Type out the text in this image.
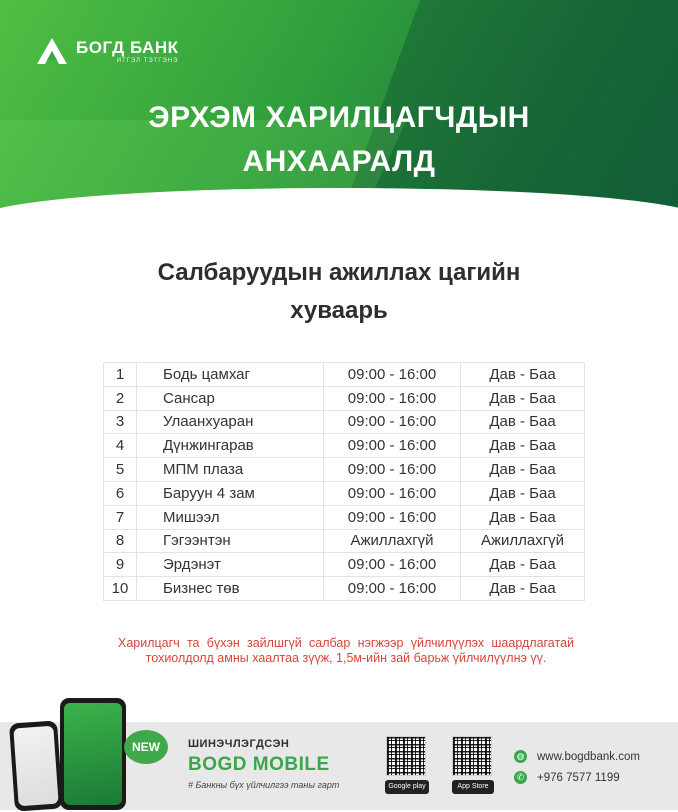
БОГД БАНК
ИТГЭЛ ТЭТГЭНЭ
ЭРХЭМ ХАРИЛЦАГЧДЫН
АНХААРАЛД
Салбаруудын ажиллах цагийн
хуваарь
1	Бодь цамхаг	09:00 - 16:00	Дав - Баа
2	Сансар	09:00 - 16:00	Дав - Баа
3	Улаанхуаран	09:00 - 16:00	Дав - Баа
4	Дүнжингарав	09:00 - 16:00	Дав - Баа
5	МПМ плаза	09:00 - 16:00	Дав - Баа
6	Баруун 4 зам	09:00 - 16:00	Дав - Баа
7	Мишээл	09:00 - 16:00	Дав - Баа
8	Гэгээнтэн	Ажиллахгүй	Ажиллахгүй
9	Эрдэнэт	09:00 - 16:00	Дав - Баа
10	Бизнес төв	09:00 - 16:00	Дав - Баа
Харилцагч та бүхэн зайлшгүй салбар нэгжээр үйлчилүүлэх шаардлагатай тохиолдолд амны хаалтаа зүүж, 1,5м-ийн зай барьж үйлчилүүлнэ үү.
NEW	ШИНЭЧЛЭГДСЭН
BOGD MOBILE
# Банкны бүх үйлчилгээ таны гарт	Google play	App Store
◍ www.bogdbank.com
✆ +976 7577 1199
